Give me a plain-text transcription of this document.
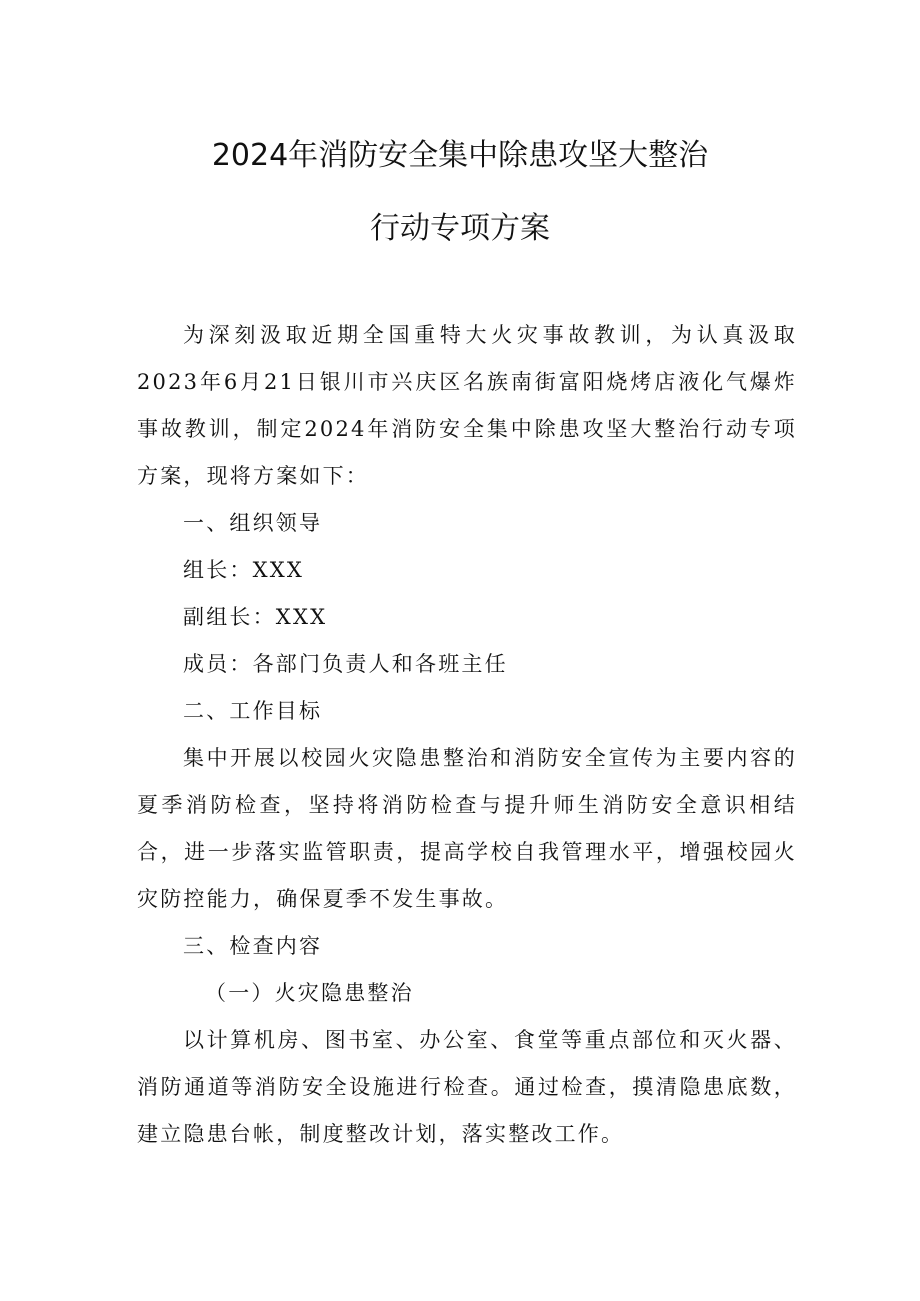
2024年消防安全集中除患攻坚大整治
行动专项方案

为深刻汲取近期全国重特大火灾事故教训，为认真汲取2023年6月21日银川市兴庆区名族南街富阳烧烤店液化气爆炸事故教训，制定2024年消防安全集中除患攻坚大整治行动专项方案，现将方案如下：

一、组织领导

组长：XXX

副组长：XXX

成员：各部门负责人和各班主任

二、工作目标

集中开展以校园火灾隐患整治和消防安全宣传为主要内容的夏季消防检查，坚持将消防检查与提升师生消防安全意识相结合，进一步落实监管职责，提高学校自我管理水平，增强校园火灾防控能力，确保夏季不发生事故。

三、检查内容

（一）火灾隐患整治

以计算机房、图书室、办公室、食堂等重点部位和灭火器、消防通道等消防安全设施进行检查。通过检查，摸清隐患底数，建立隐患台帐，制度整改计划，落实整改工作。
